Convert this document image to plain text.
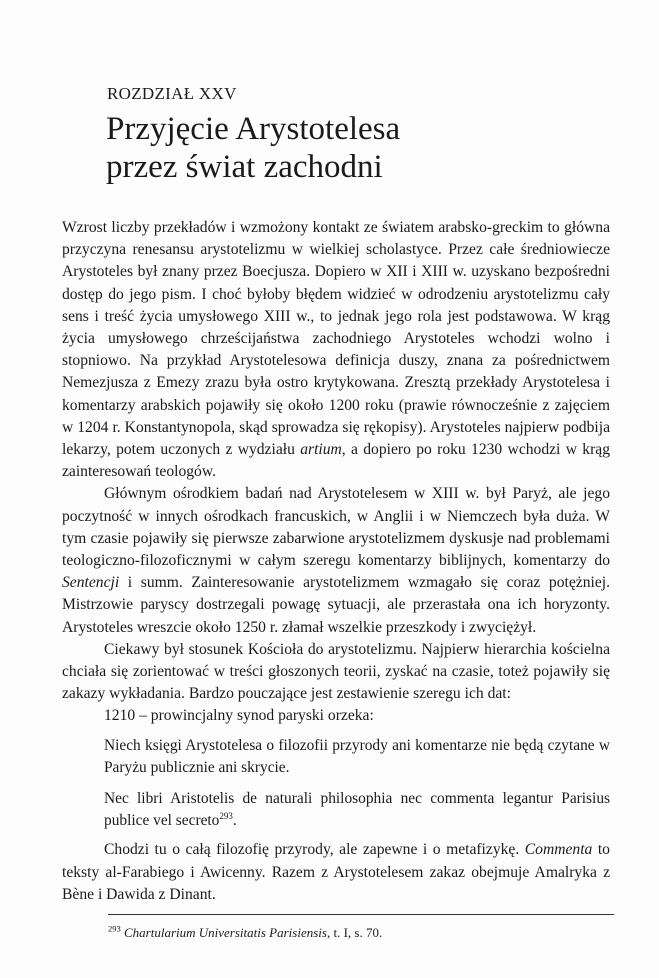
ROZDZIAŁ XXV
Przyjęcie Arystotelesa
przez świat zachodni

Wzrost liczby przekładów i wzmożony kontakt ze światem arabsko-greckim to główna przyczyna renesansu arystotelizmu w wielkiej scholastyce. Przez całe średniowiecze Arystoteles był znany przez Boecjusza. Dopiero w XII i XIII w. uzyskano bezpośredni dostęp do jego pism. I choć byłoby błędem widzieć w odrodzeniu arystotelizmu cały sens i treść życia umysłowego XIII w., to jednak jego rola jest podstawowa. W krąg życia umysłowego chrześcijaństwa zachodniego Arystoteles wchodzi wolno i stopniowo. Na przykład Arystotelesowa definicja duszy, znana za pośrednictwem Nemezjusza z Emezy zrazu była ostro krytykowana. Zresztą przekłady Arystotelesa i komentarzy arabskich pojawiły się około 1200 roku (prawie równocześnie z zajęciem w 1204 r. Konstantynopola, skąd sprowadza się rękopisy). Arystoteles najpierw podbija lekarzy, potem uczonych z wydziału artium, a dopiero po roku 1230 wchodzi w krąg zainteresowań teologów.

Głównym ośrodkiem badań nad Arystotelesem w XIII w. był Paryż, ale jego poczytność w innych ośrodkach francuskich, w Anglii i w Niemczech była duża. W tym czasie pojawiły się pierwsze zabarwione arystotelizmem dyskusje nad problemami teologiczno-filozoficznymi w całym szeregu komentarzy biblijnych, komentarzy do Sentencji i summ. Zainteresowanie arystotelizmem wzmagało się coraz potężniej. Mistrzowie paryscy dostrzegali powagę sytuacji, ale przerastała ona ich horyzonty. Arystoteles wreszcie około 1250 r. złamał wszelkie przeszkody i zwyciężył.

Ciekawy był stosunek Kościoła do arystotelizmu. Najpierw hierarchia kościelna chciała się zorientować w treści głoszonych teorii, zyskać na czasie, toteż pojawiły się zakazy wykładania. Bardzo pouczające jest zestawienie szeregu ich dat:

1210 – prowincjalny synod paryski orzeka:

Niech księgi Arystotelesa o filozofii przyrody ani komentarze nie będą czytane w Paryżu publicznie ani skrycie.

Nec libri Aristotelis de naturali philosophia nec commenta legantur Parisius publice vel secreto$^{293}$.

Chodzi tu o całą filozofię przyrody, ale zapewne i o metafizykę. Commenta to teksty al-Farabiego i Awicenny. Razem z Arystotelesem zakaz obejmuje Amalryka z Bène i Dawida z Dinant.

$^{293}$ Chartularium Universitatis Parisiensis, t. I, s. 70.
